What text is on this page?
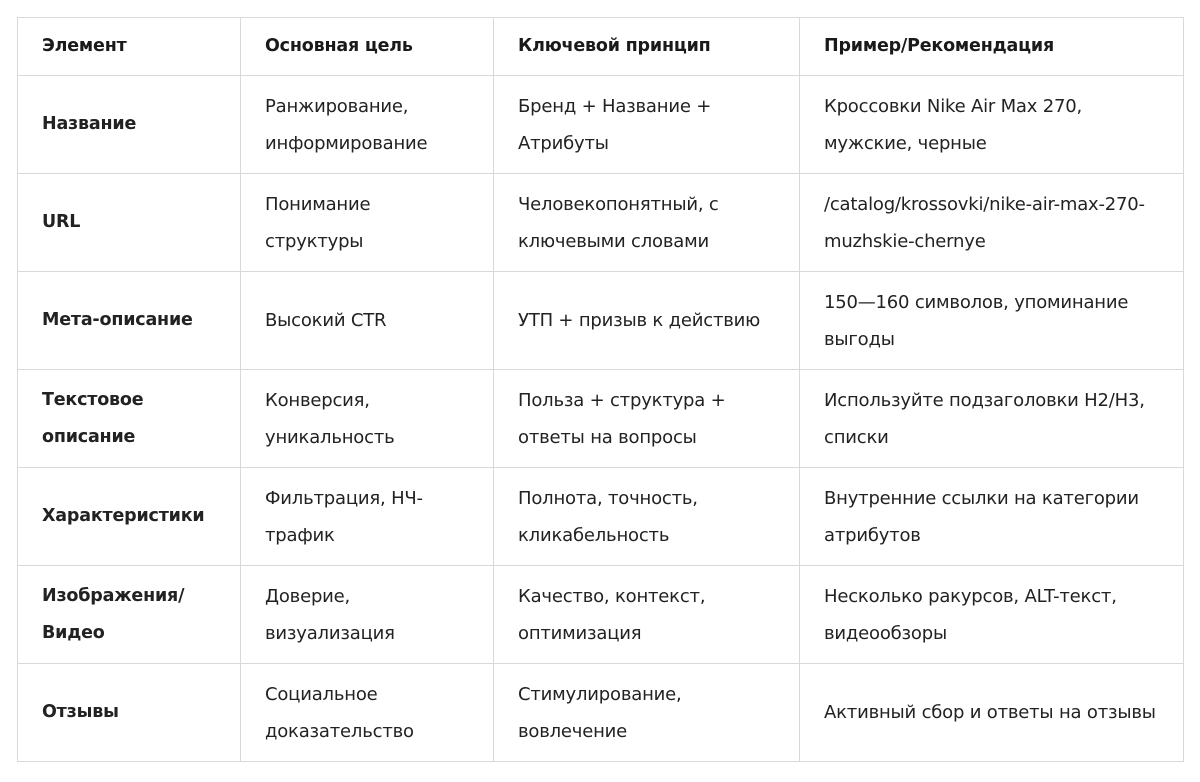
Элемент	Основная цель	Ключевой принцип	Пример/Рекомендация
Название	Ранжирование, информирование	Бренд + Название + Атрибуты	Кроссовки Nike Air Max 270, мужские, черные
URL	Понимание структуры	Человекопонятный, с ключевыми словами	/catalog/krossovki/nike-air-max-270-muzhskie-chernye
Мета-описание	Высокий CTR	УТП + призыв к действию	150—160 символов, упоминание выгоды
Текстовое описание	Конверсия, уникальность	Польза + структура + ответы на вопросы	Используйте подзаголовки H2/H3, списки
Характеристики	Фильтрация, НЧ-трафик	Полнота, точность, кликабельность	Внутренние ссылки на категории атрибутов
Изображения/Видео	Доверие, визуализация	Качество, контекст, оптимизация	Несколько ракурсов, ALT-текст, видеообзоры
Отзывы	Социальное доказательство	Стимулирование, вовлечение	Активный сбор и ответы на отзывы
